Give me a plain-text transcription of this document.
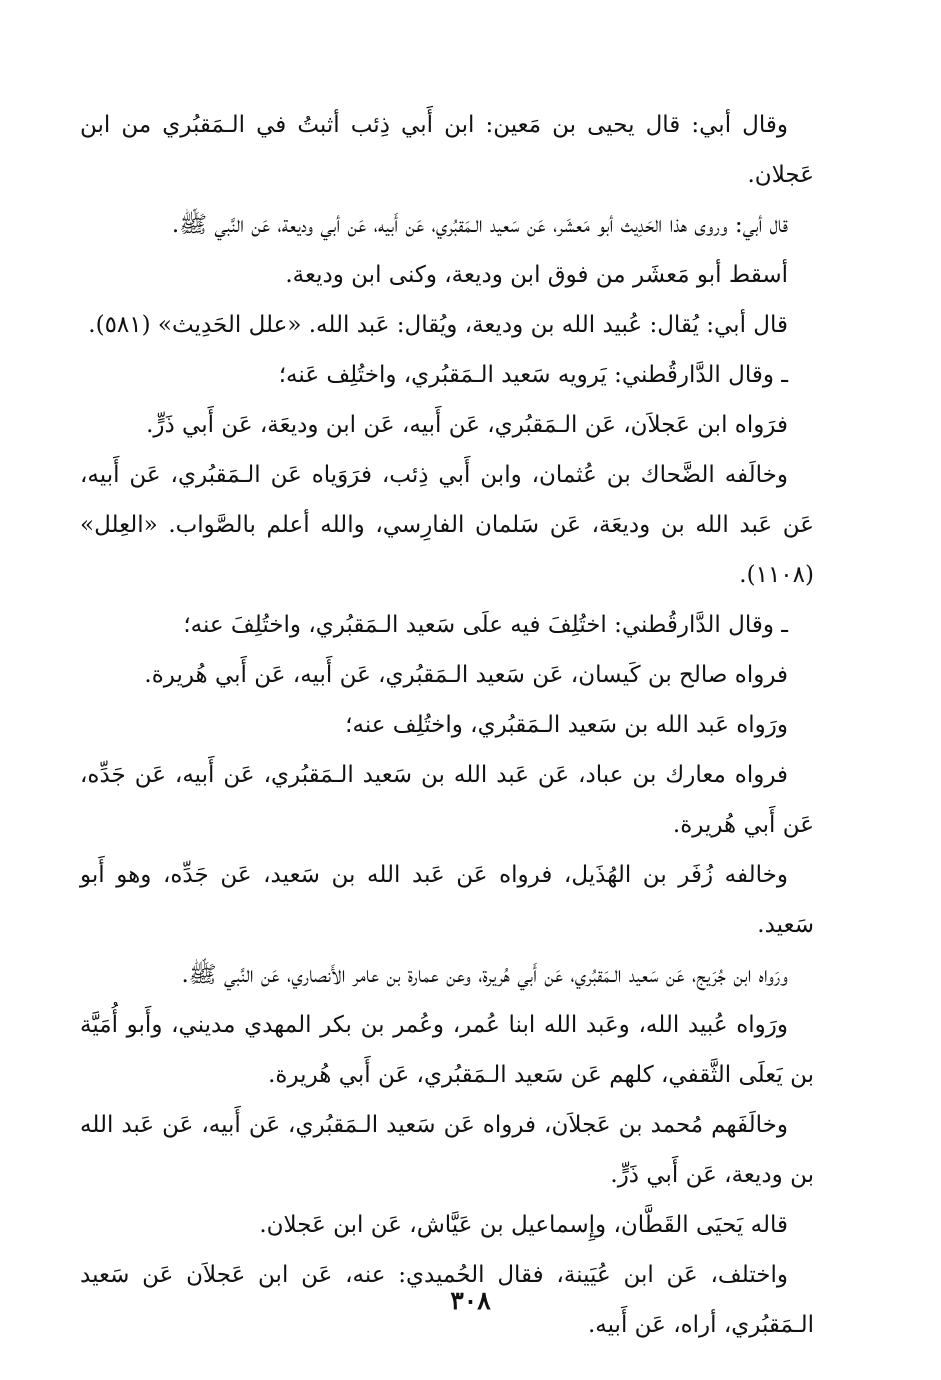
وقال أبي: قال يحيى بن مَعين: ابن أَبي ذِئب أثبتُ في الـمَقبُري من ابن عَجلان.

قال أبي: وروى هذا الحَدِيث أبو مَعشَر، عَن سَعيد الـمَقبُري، عَن أَبيه، عَن أبي وديعة، عَن النَّبي ﷺ.

أسقط أبو مَعشَر من فوق ابن وديعة، وكنى ابن وديعة.

قال أبي: يُقال: عُبيد الله بن وديعة، ويُقال: عَبد الله. «علل الحَدِيث» (٥٨١).

ـ وقال الدَّارقُطني: يَرويه سَعيد الـمَقبُري، واختُلِف عَنه؛

فرَواه ابن عَجلاَن، عَن الـمَقبُري، عَن أَبيه، عَن ابن وديعَة، عَن أَبي ذَرٍّ.

وخالَفه الضَّحاك بن عُثمان، وابن أَبي ذِئب، فرَوَياه عَن الـمَقبُري، عَن أَبيه، عَن عَبد الله بن وديعَة، عَن سَلمان الفارِسي، والله أعلم بالصَّواب. «العِلل» (١١٠٨).

ـ وقال الدَّارقُطني: اختُلِفَ فيه علَى سَعيد الـمَقبُري، واختُلِفَ عنه؛

فرواه صالح بن كَيسان، عَن سَعيد الـمَقبُري، عَن أَبيه، عَن أَبي هُريرة.

ورَواه عَبد الله بن سَعيد الـمَقبُري، واختُلِف عنه؛

فرواه معارك بن عباد، عَن عَبد الله بن سَعيد الـمَقبُري، عَن أَبيه، عَن جَدِّه، عَن أَبي هُريرة.

وخالفه زُفَر بن الهُذَيل، فرواه عَن عَبد الله بن سَعيد، عَن جَدِّه، وهو أَبو سَعيد.

ورَواه ابن جُرَيج، عَن سَعيد الـمَقبُري، عَن أَبي هُريرة، وعن عمارة بن عامر الأَنصاري، عَن النَّبي ﷺ.

ورَواه عُبيد الله، وعَبد الله ابنا عُمر، وعُمر بن بكر المهدي مديني، وأَبو أُمَيَّة بن يَعلَى الثَّقفي، كلهم عَن سَعيد الـمَقبُري، عَن أَبي هُريرة.

وخالَفَهم مُحمد بن عَجلاَن، فرواه عَن سَعيد الـمَقبُري، عَن أَبيه، عَن عَبد الله بن وديعة، عَن أَبي ذَرٍّ.

قاله يَحيَى القَطَّان، وإِسماعيل بن عَيَّاش، عَن ابن عَجلان.

واختلف، عَن ابن عُيَينة، فقال الحُميدي: عنه، عَن ابن عَجلاَن عَن سَعيد الـمَقبُري، أراه، عَن أَبيه.

٣٠٨
